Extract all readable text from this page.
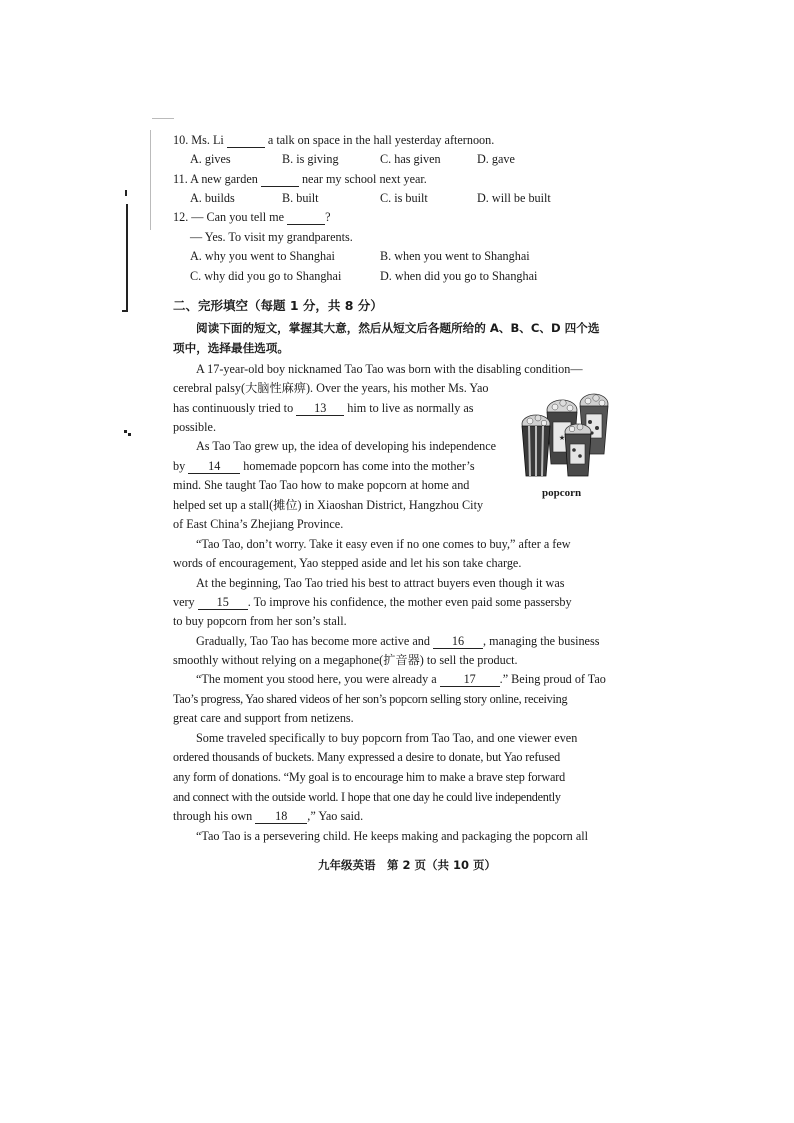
10. Ms. Li	a talk on space in the hall yesterday afternoon.
A. gives	B. is giving	C. has given	D. gave
11. A new garden	near my school next year.
A. builds	B. built	C. is built	D. will be built
12. — Can you tell me	?
— Yes. To visit my grandparents.
A. why you went to Shanghai	B. when you went to Shanghai
C. why did you go to Shanghai	D. when did you go to Shanghai
二、完形填空（每题 1 分，共 8 分）
阅读下面的短文，掌握其大意，然后从短文后各题所给的 A、B、C、D 四个选
项中，选择最佳选项。
A 17-year-old boy nicknamed Tao Tao was born with the disabling condition—
cerebral palsy(大脑性麻痹). Over the years, his mother Ms. Yao
has continuously tried to 13 him to live as normally as
possible.
As Tao Tao grew up, the idea of developing his independence
by 14 homemade popcorn has come into the mother’s
mind. She taught Tao Tao how to make popcorn at home and
helped set up a stall(摊位) in Xiaoshan District, Hangzhou City
of East China’s Zhejiang Province.
★
popcorn
“Tao Tao, don’t worry. Take it easy even if no one comes to buy,” after a few
words of encouragement, Yao stepped aside and let his son take charge.
At the beginning, Tao Tao tried his best to attract buyers even though it was
very 15 . To improve his confidence, the mother even paid some passersby
to buy popcorn from her son’s stall.
Gradually, Tao Tao has become more active and 16 , managing the business
smoothly without relying on a megaphone(扩音器) to sell the product.
“The moment you stood here, you were already a 17 .” Being proud of Tao
Tao’s progress, Yao shared videos of her son’s popcorn selling story online, receiving
great care and support from netizens.
Some traveled specifically to buy popcorn from Tao Tao, and one viewer even
ordered thousands of buckets. Many expressed a desire to donate, but Yao refused
any form of donations. “My goal is to encourage him to make a brave step forward
and connect with the outside world. I hope that one day he could live independently
through his own 18 ,” Yao said.
“Tao Tao is a persevering child. He keeps making and packaging the popcorn all
九年级英语　第 2 页（共 10 页）
